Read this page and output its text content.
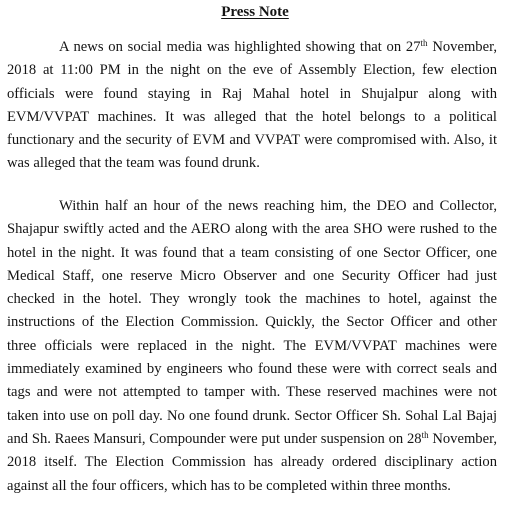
Press Note

A news on social media was highlighted showing that on 27th November, 2018 at 11:00 PM in the night on the eve of Assembly Election, few election officials were found staying in Raj Mahal hotel in Shujalpur along with EVM/VVPAT machines. It was alleged that the hotel belongs to a political functionary and the security of EVM and VVPAT were compromised with. Also, it was alleged that the team was found drunk.

Within half an hour of the news reaching him, the DEO and Collector, Shajapur swiftly acted and the AERO along with the area SHO were rushed to the hotel in the night. It was found that a team consisting of one Sector Officer, one Medical Staff, one reserve Micro Observer and one Security Officer had just checked in the hotel. They wrongly took the machines to hotel, against the instructions of the Election Commission. Quickly, the Sector Officer and other three officials were replaced in the night. The EVM/VVPAT machines were immediately examined by engineers who found these were with correct seals and tags and were not attempted to tamper with. These reserved machines were not taken into use on poll day. No one found drunk. Sector Officer Sh. Sohal Lal Bajaj and Sh. Raees Mansuri, Compounder were put under suspension on 28th November, 2018 itself. The Election Commission has already ordered disciplinary action against all the four officers, which has to be completed within three months.
